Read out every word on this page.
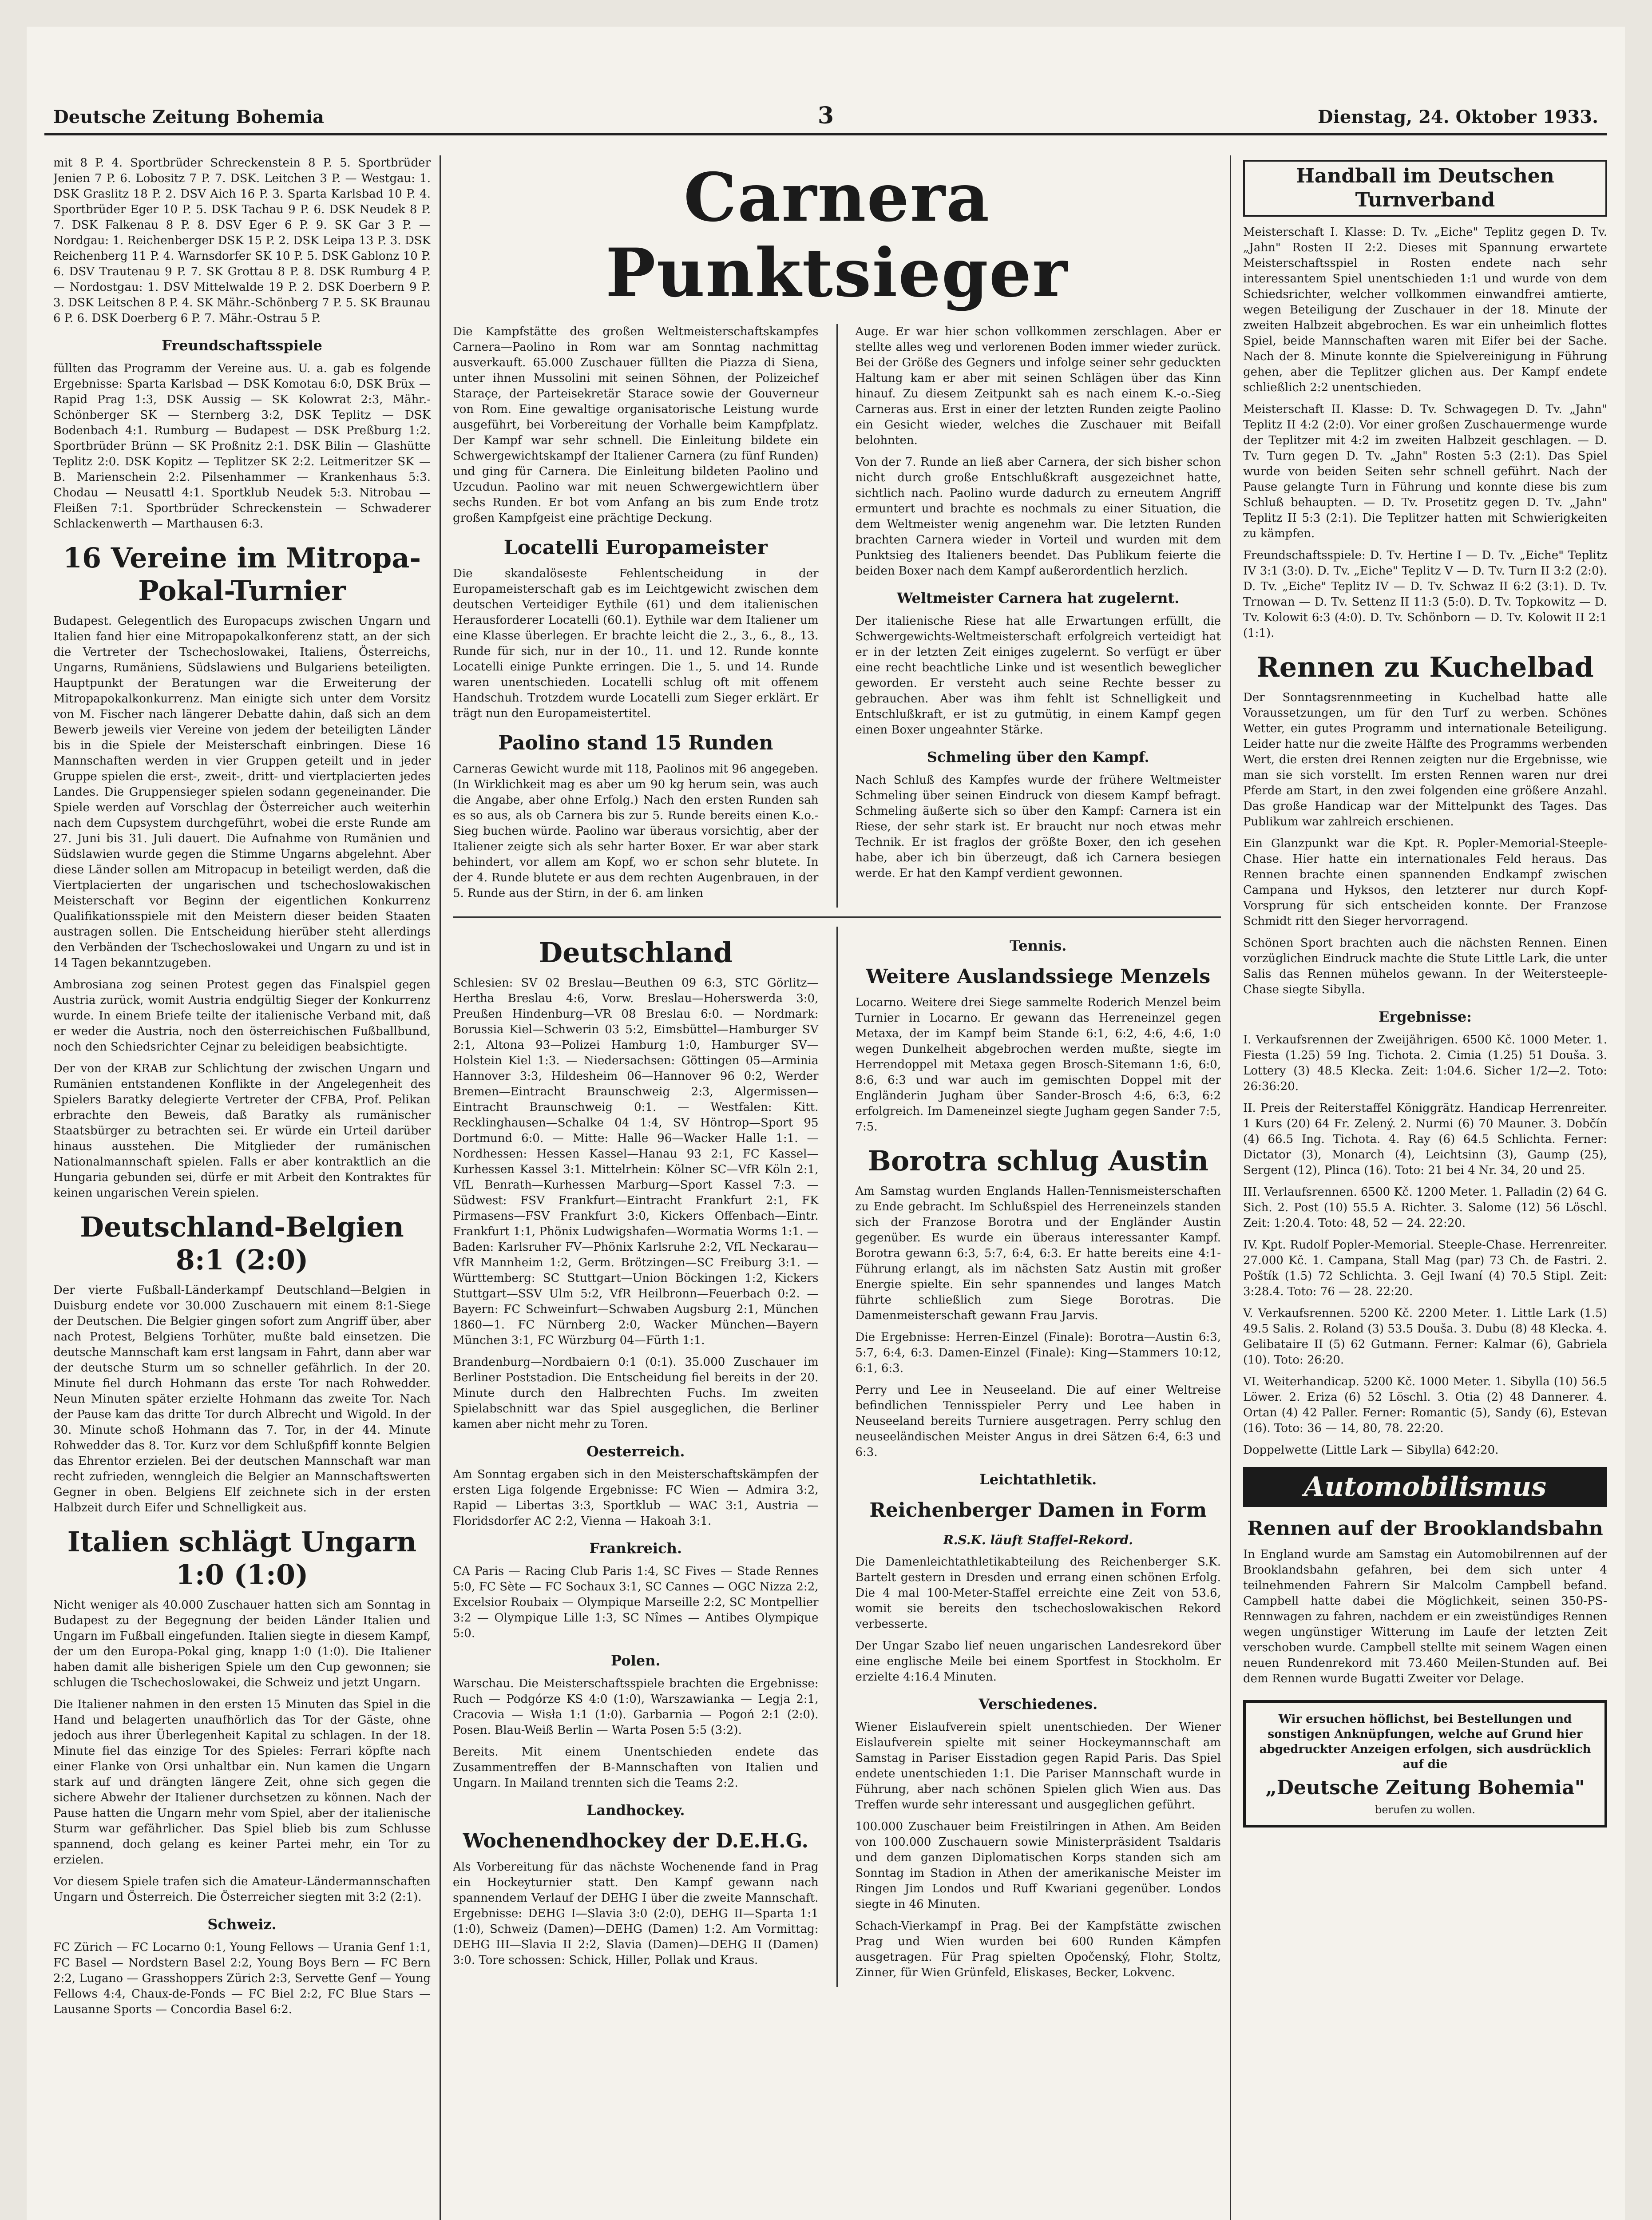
Deutsche Zeitung Bohemia	3	Dienstag, 24. Oktober 1933.

mit 8 P. 4. Sportbrüder Schreckenstein 8 P. 5. Sportbrüder Jenien 7 P. 6. Lobositz 7 P. 7. DSK. Leitchen 3 P. — Westgau: 1. DSK Graslitz 18 P. 2. DSV Aich 16 P. 3. Sparta Karlsbad 10 P. 4. Sportbrüder Eger 10 P. 5. DSK Tachau 9 P. 6. DSK Neudek 8 P. 7. DSK Falkenau 8 P. 8. DSV Eger 6 P. 9. SK Gar 3 P. — Nordgau: 1. Reichenberger DSK 15 P. 2. DSK Leipa 13 P. 3. DSK Reichenberg 11 P. 4. Warnsdorfer SK 10 P. 5. DSK Gablonz 10 P. 6. DSV Trautenau 9 P. 7. SK Grottau 8 P. 8. DSK Rumburg 4 P. — Nordostgau: 1. DSV Mittelwalde 19 P. 2. DSK Doerbern 9 P. 3. DSK Leitschen 8 P. 4. SK Mähr.-Schönberg 7 P. 5. SK Braunau 6 P. 6. DSK Doerberg 6 P. 7. Mähr.-Ostrau 5 P.

Freundschaftsspiele

füllten das Programm der Vereine aus. U. a. gab es folgende Ergebnisse: Sparta Karlsbad — DSK Komotau 6:0, DSK Brüx — Rapid Prag 1:3, DSK Aussig — SK Kolowrat 2:3, Mähr.-Schönberger SK — Sternberg 3:2, DSK Teplitz — DSK Bodenbach 4:1. Rumburg — Budapest — DSK Preßburg 1:2. Sportbrüder Brünn — SK Proßnitz 2:1. DSK Bilin — Glashütte Teplitz 2:0. DSK Kopitz — Teplitzer SK 2:2. Leitmeritzer SK — B. Marienschein 2:2. Pilsenhammer — Krankenhaus 5:3. Chodau — Neusattl 4:1. Sportklub Neudek 5:3. Nitrobau — Fleißen 7:1. Sportbrüder Schreckenstein — Schwaderer Schlackenwerth — Marthausen 6:3.

16 Vereine im Mitropa-Pokal-Turnier

Budapest. Gelegentlich des Europacups zwischen Ungarn und Italien fand hier eine Mitropapokalkonferenz statt, an der sich die Vertreter der Tschechoslowakei, Italiens, Österreichs, Ungarns, Rumäniens, Südslawiens und Bulgariens beteiligten. Hauptpunkt der Beratungen war die Erweiterung der Mitropapokalkonkurrenz. Man einigte sich unter dem Vorsitz von M. Fischer nach längerer Debatte dahin, daß sich an dem Bewerb jeweils vier Vereine von jedem der beteiligten Länder bis in die Spiele der Meisterschaft einbringen. Diese 16 Mannschaften werden in vier Gruppen geteilt und in jeder Gruppe spielen die erst-, zweit-, dritt- und viertplacierten jedes Landes. Die Gruppensieger spielen sodann gegeneinander. Die Spiele werden auf Vorschlag der Österreicher auch weiterhin nach dem Cupsystem durchgeführt, wobei die erste Runde am 27. Juni bis 31. Juli dauert. Die Aufnahme von Rumänien und Südslawien wurde gegen die Stimme Ungarns abgelehnt. Aber diese Länder sollen am Mitropacup in beteiligt werden, daß die Viertplacierten der ungarischen und tschechoslowakischen Meisterschaft vor Beginn der eigentlichen Konkurrenz Qualifikationsspiele mit den Meistern dieser beiden Staaten austragen sollen. Die Entscheidung hierüber steht allerdings den Verbänden der Tschechoslowakei und Ungarn zu und ist in 14 Tagen bekanntzugeben.

Ambrosiana zog seinen Protest gegen das Finalspiel gegen Austria zurück, womit Austria endgültig Sieger der Konkurrenz wurde. In einem Briefe teilte der italienische Verband mit, daß er weder die Austria, noch den österreichischen Fußballbund, noch den Schiedsrichter Cejnar zu beleidigen beabsichtigte.

Der von der KRAB zur Schlichtung der zwischen Ungarn und Rumänien entstandenen Konflikte in der Angelegenheit des Spielers Baratky delegierte Vertreter der CFBA, Prof. Pelikan erbrachte den Beweis, daß Baratky als rumänischer Staatsbürger zu betrachten sei. Er würde ein Urteil darüber hinaus ausstehen. Die Mitglieder der rumänischen Nationalmannschaft spielen. Falls er aber kontraktlich an die Hungaria gebunden sei, dürfe er mit Arbeit den Kontraktes für keinen ungarischen Verein spielen.

Deutschland-Belgien 8:1 (2:0)

Der vierte Fußball-Länderkampf Deutschland—Belgien in Duisburg endete vor 30.000 Zuschauern mit einem 8:1-Siege der Deutschen. Die Belgier gingen sofort zum Angriff über, aber nach Protest, Belgiens Torhüter, mußte bald einsetzen. Die deutsche Mannschaft kam erst langsam in Fahrt, dann aber war der deutsche Sturm um so schneller gefährlich. In der 20. Minute fiel durch Hohmann das erste Tor nach Rohwedder. Neun Minuten später erzielte Hohmann das zweite Tor. Nach der Pause kam das dritte Tor durch Albrecht und Wigold. In der 30. Minute schoß Hohmann das 7. Tor, in der 44. Minute Rohwedder das 8. Tor. Kurz vor dem Schlußpfiff konnte Belgien das Ehrentor erzielen. Bei der deutschen Mannschaft war man recht zufrieden, wenngleich die Belgier an Mannschaftswerten Gegner in oben. Belgiens Elf zeichnete sich in der ersten Halbzeit durch Eifer und Schnelligkeit aus.

Italien schlägt Ungarn 1:0 (1:0)

Nicht weniger als 40.000 Zuschauer hatten sich am Sonntag in Budapest zu der Begegnung der beiden Länder Italien und Ungarn im Fußball eingefunden. Italien siegte in diesem Kampf, der um den Europa-Pokal ging, knapp 1:0 (1:0). Die Italiener haben damit alle bisherigen Spiele um den Cup gewonnen; sie schlugen die Tschechoslowakei, die Schweiz und jetzt Ungarn.

Die Italiener nahmen in den ersten 15 Minuten das Spiel in die Hand und belagerten unaufhörlich das Tor der Gäste, ohne jedoch aus ihrer Überlegenheit Kapital zu schlagen. In der 18. Minute fiel das einzige Tor des Spieles: Ferrari köpfte nach einer Flanke von Orsi unhaltbar ein. Nun kamen die Ungarn stark auf und drängten längere Zeit, ohne sich gegen die sichere Abwehr der Italiener durchsetzen zu können. Nach der Pause hatten die Ungarn mehr vom Spiel, aber der italienische Sturm war gefährlicher. Das Spiel blieb bis zum Schlusse spannend, doch gelang es keiner Partei mehr, ein Tor zu erzielen.

Vor diesem Spiele trafen sich die Amateur-Ländermannschaften Ungarn und Österreich. Die Österreicher siegten mit 3:2 (2:1).

Schweiz.

FC Zürich — FC Locarno 0:1, Young Fellows — Urania Genf 1:1, FC Basel — Nordstern Basel 2:2, Young Boys Bern — FC Bern 2:2, Lugano — Grasshoppers Zürich 2:3, Servette Genf — Young Fellows 4:4, Chaux-de-Fonds — FC Biel 2:2, FC Blue Stars — Lausanne Sports — Concordia Basel 6:2.

Carnera Punktsieger

Die Kampfstätte des großen Weltmeisterschaftskampfes Carnera—Paolino in Rom war am Sonntag nachmittag ausverkauft. 65.000 Zuschauer füllten die Piazza di Siena, unter ihnen Mussolini mit seinen Söhnen, der Polizeichef Staraçe, der Parteisekretär Starace sowie der Gouverneur von Rom. Eine gewaltige organisatorische Leistung wurde ausgeführt, bei Vorbereitung der Vorhalle beim Kampfplatz. Der Kampf war sehr schnell. Die Einleitung bildete ein Schwergewichtskampf der Italiener Carnera (zu fünf Runden) und ging für Carnera. Die Einleitung bildeten Paolino und Uzcudun. Paolino war mit neuen Schwergewichtlern über sechs Runden. Er bot vom Anfang an bis zum Ende trotz großen Kampfgeist eine prächtige Deckung.

Locatelli Europameister

Die skandalöseste Fehlentscheidung in der Europameisterschaft gab es im Leichtgewicht zwischen dem deutschen Verteidiger Eythile (61) und dem italienischen Herausforderer Locatelli (60.1). Eythile war dem Italiener um eine Klasse überlegen. Er brachte leicht die 2., 3., 6., 8., 13. Runde für sich, nur in der 10., 11. und 12. Runde konnte Locatelli einige Punkte erringen. Die 1., 5. und 14. Runde waren unentschieden. Locatelli schlug oft mit offenem Handschuh. Trotzdem wurde Locatelli zum Sieger erklärt. Er trägt nun den Europameistertitel.

Paolino stand 15 Runden

Carneras Gewicht wurde mit 118, Paolinos mit 96 angegeben. (In Wirklichkeit mag es aber um 90 kg herum sein, was auch die Angabe, aber ohne Erfolg.) Nach den ersten Runden sah es so aus, als ob Carnera bis zur 5. Runde bereits einen K.o.-Sieg buchen würde. Paolino war überaus vorsichtig, aber der Italiener zeigte sich als sehr harter Boxer. Er war aber stark behindert, vor allem am Kopf, wo er schon sehr blutete. In der 4. Runde blutete er aus dem rechten Augenbrauen, in der 5. Runde aus der Stirn, in der 6. am linken

Auge. Er war hier schon vollkommen zerschlagen. Aber er stellte alles weg und verlorenen Boden immer wieder zurück. Bei der Größe des Gegners und infolge seiner sehr geduckten Haltung kam er aber mit seinen Schlägen über das Kinn hinauf. Zu diesem Zeitpunkt sah es nach einem K.-o.-Sieg Carneras aus. Erst in einer der letzten Runden zeigte Paolino ein Gesicht wieder, welches die Zuschauer mit Beifall belohnten.

Von der 7. Runde an ließ aber Carnera, der sich bisher schon nicht durch große Entschlußkraft ausgezeichnet hatte, sichtlich nach. Paolino wurde dadurch zu erneutem Angriff ermuntert und brachte es nochmals zu einer Situation, die dem Weltmeister wenig angenehm war. Die letzten Runden brachten Carnera wieder in Vorteil und wurden mit dem Punktsieg des Italieners beendet. Das Publikum feierte die beiden Boxer nach dem Kampf außerordentlich herzlich.

Weltmeister Carnera hat zugelernt.

Der italienische Riese hat alle Erwartungen erfüllt, die Schwergewichts-Weltmeisterschaft erfolgreich verteidigt hat er in der letzten Zeit einiges zugelernt. So verfügt er über eine recht beachtliche Linke und ist wesentlich beweglicher geworden. Er versteht auch seine Rechte besser zu gebrauchen. Aber was ihm fehlt ist Schnelligkeit und Entschlußkraft, er ist zu gutmütig, in einem Kampf gegen einen Boxer ungeahnter Stärke.

Schmeling über den Kampf.

Nach Schluß des Kampfes wurde der frühere Weltmeister Schmeling über seinen Eindruck von diesem Kampf befragt. Schmeling äußerte sich so über den Kampf: Carnera ist ein Riese, der sehr stark ist. Er braucht nur noch etwas mehr Technik. Er ist fraglos der größte Boxer, den ich gesehen habe, aber ich bin überzeugt, daß ich Carnera besiegen werde. Er hat den Kampf verdient gewonnen.

Deutschland

Schlesien: SV 02 Breslau—Beuthen 09 6:3, STC Görlitz—Hertha Breslau 4:6, Vorw. Breslau—Hoherswerda 3:0, Preußen Hindenburg—VR 08 Breslau 6:0. — Nordmark: Borussia Kiel—Schwerin 03 5:2, Eimsbüttel—Hamburger SV 2:1, Altona 93—Polizei Hamburg 1:0, Hamburger SV—Holstein Kiel 1:3. — Niedersachsen: Göttingen 05—Arminia Hannover 3:3, Hildesheim 06—Hannover 96 0:2, Werder Bremen—Eintracht Braunschweig 2:3, Algermissen—Eintracht Braunschweig 0:1. — Westfalen: Kitt. Recklinghausen—Schalke 04 1:4, SV Höntrop—Sport 95 Dortmund 6:0. — Mitte: Halle 96—Wacker Halle 1:1. — Nordhessen: Hessen Kassel—Hanau 93 2:1, FC Kassel—Kurhessen Kassel 3:1. Mittelrhein: Kölner SC—VfR Köln 2:1, VfL Benrath—Kurhessen Marburg—Sport Kassel 7:3. — Südwest: FSV Frankfurt—Eintracht Frankfurt 2:1, FK Pirmasens—FSV Frankfurt 3:0, Kickers Offenbach—Eintr. Frankfurt 1:1, Phönix Ludwigshafen—Wormatia Worms 1:1. — Baden: Karlsruher FV—Phönix Karlsruhe 2:2, VfL Neckarau—VfR Mannheim 1:2, Germ. Brötzingen—SC Freiburg 3:1. — Württemberg: SC Stuttgart—Union Böckingen 1:2, Kickers Stuttgart—SSV Ulm 5:2, VfR Heilbronn—Feuerbach 0:2. — Bayern: FC Schweinfurt—Schwaben Augsburg 2:1, München 1860—1. FC Nürnberg 2:0, Wacker München—Bayern München 3:1, FC Würzburg 04—Fürth 1:1.

Brandenburg—Nordbaiern 0:1 (0:1). 35.000 Zuschauer im Berliner Poststadion. Die Entscheidung fiel bereits in der 20. Minute durch den Halbrechten Fuchs. Im zweiten Spielabschnitt war das Spiel ausgeglichen, die Berliner kamen aber nicht mehr zu Toren.

Oesterreich.

Am Sonntag ergaben sich in den Meisterschaftskämpfen der ersten Liga folgende Ergebnisse: FC Wien — Admira 3:2, Rapid — Libertas 3:3, Sportklub — WAC 3:1, Austria — Floridsdorfer AC 2:2, Vienna — Hakoah 3:1.

Frankreich.

CA Paris — Racing Club Paris 1:4, SC Fives — Stade Rennes 5:0, FC Sète — FC Sochaux 3:1, SC Cannes — OGC Nizza 2:2, Excelsior Roubaix — Olympique Marseille 2:2, SC Montpellier 3:2 — Olympique Lille 1:3, SC Nîmes — Antibes Olympique 5:0.

Polen.

Warschau. Die Meisterschaftsspiele brachten die Ergebnisse: Ruch — Podgórze KS 4:0 (1:0), Warszawianka — Legja 2:1, Cracovia — Wisła 1:1 (1:0). Garbarnia — Pogoń 2:1 (2:0). Posen. Blau-Weiß Berlin — Warta Posen 5:5 (3:2).

Bereits. Mit einem Unentschieden endete das Zusammentreffen der B-Mannschaften von Italien und Ungarn. In Mailand trennten sich die Teams 2:2.

Landhockey.
Wochenendhockey der D.E.H.G.

Als Vorbereitung für das nächste Wochenende fand in Prag ein Hockeyturnier statt. Den Kampf gewann nach spannendem Verlauf der DEHG I über die zweite Mannschaft. Ergebnisse: DEHG I—Slavia 3:0 (2:0), DEHG II—Sparta 1:1 (1:0), Schweiz (Damen)—DEHG (Damen) 1:2. Am Vormittag: DEHG III—Slavia II 2:2, Slavia (Damen)—DEHG II (Damen) 3:0. Tore schossen: Schick, Hiller, Pollak und Kraus.

Tennis.
Weitere Auslandssiege Menzels

Locarno. Weitere drei Siege sammelte Roderich Menzel beim Turnier in Locarno. Er gewann das Herreneinzel gegen Metaxa, der im Kampf beim Stande 6:1, 6:2, 4:6, 4:6, 1:0 wegen Dunkelheit abgebrochen werden mußte, siegte im Herrendoppel mit Metaxa gegen Brosch-Sitemann 1:6, 6:0, 8:6, 6:3 und war auch im gemischten Doppel mit der Engländerin Jugham über Sander-Brosch 4:6, 6:3, 6:2 erfolgreich. Im Dameneinzel siegte Jugham gegen Sander 7:5, 7:5.

Borotra schlug Austin

Am Samstag wurden Englands Hallen-Tennismeisterschaften zu Ende gebracht. Im Schlußspiel des Herreneinzels standen sich der Franzose Borotra und der Engländer Austin gegenüber. Es wurde ein überaus interessanter Kampf. Borotra gewann 6:3, 5:7, 6:4, 6:3. Er hatte bereits eine 4:1-Führung erlangt, als im nächsten Satz Austin mit großer Energie spielte. Ein sehr spannendes und langes Match führte schließlich zum Siege Borotras. Die Damenmeisterschaft gewann Frau Jarvis.

Die Ergebnisse: Herren-Einzel (Finale): Borotra—Austin 6:3, 5:7, 6:4, 6:3. Damen-Einzel (Finale): King—Stammers 10:12, 6:1, 6:3.

Perry und Lee in Neuseeland. Die auf einer Weltreise befindlichen Tennisspieler Perry und Lee haben in Neuseeland bereits Turniere ausgetragen. Perry schlug den neuseeländischen Meister Angus in drei Sätzen 6:4, 6:3 und 6:3.

Leichtathletik.
Reichenberger Damen in Form
R.S.K. läuft Staffel-Rekord.

Die Damenleichtathletikabteilung des Reichenberger S.K. Bartelt gestern in Dresden und errang einen schönen Erfolg. Die 4 mal 100-Meter-Staffel erreichte eine Zeit von 53.6, womit sie bereits den tschechoslowakischen Rekord verbesserte.

Der Ungar Szabo lief neuen ungarischen Landesrekord über eine englische Meile bei einem Sportfest in Stockholm. Er erzielte 4:16.4 Minuten.

Verschiedenes.

Wiener Eislaufverein spielt unentschieden. Der Wiener Eislaufverein spielte mit seiner Hockeymannschaft am Samstag in Pariser Eisstadion gegen Rapid Paris. Das Spiel endete unentschieden 1:1. Die Pariser Mannschaft wurde in Führung, aber nach schönen Spielen glich Wien aus. Das Treffen wurde sehr interessant und ausgeglichen geführt.

100.000 Zuschauer beim Freistilringen in Athen. Am Beiden von 100.000 Zuschauern sowie Ministerpräsident Tsaldaris und dem ganzen Diplomatischen Korps standen sich am Sonntag im Stadion in Athen der amerikanische Meister im Ringen Jim Londos und Ruff Kwariani gegenüber. Londos siegte in 46 Minuten.

Schach-Vierkampf in Prag. Bei der Kampfstätte zwischen Prag und Wien wurden bei 600 Runden Kämpfen ausgetragen. Für Prag spielten Opočenský, Flohr, Stoltz, Zinner, für Wien Grünfeld, Eliskases, Becker, Lokvenc.

Handball im Deutschen Turnverband

Meisterschaft I. Klasse: D. Tv. „Eiche" Teplitz gegen D. Tv. „Jahn" Rosten II 2:2. Dieses mit Spannung erwartete Meisterschaftsspiel in Rosten endete nach sehr interessantem Spiel unentschieden 1:1 und wurde von dem Schiedsrichter, welcher vollkommen einwandfrei amtierte, wegen Beteiligung der Zuschauer in der 18. Minute der zweiten Halbzeit abgebrochen. Es war ein unheimlich flottes Spiel, beide Mannschaften waren mit Eifer bei der Sache. Nach der 8. Minute konnte die Spielvereinigung in Führung gehen, aber die Teplitzer glichen aus. Der Kampf endete schließlich 2:2 unentschieden.

Meisterschaft II. Klasse: D. Tv. Schwagegen D. Tv. „Jahn" Teplitz II 4:2 (2:0). Vor einer großen Zuschauermenge wurde der Teplitzer mit 4:2 im zweiten Halbzeit geschlagen. — D. Tv. Turn gegen D. Tv. „Jahn" Rosten 5:3 (2:1). Das Spiel wurde von beiden Seiten sehr schnell geführt. Nach der Pause gelangte Turn in Führung und konnte diese bis zum Schluß behaupten. — D. Tv. Prosetitz gegen D. Tv. „Jahn" Teplitz II 5:3 (2:1). Die Teplitzer hatten mit Schwierigkeiten zu kämpfen.

Freundschaftsspiele: D. Tv. Hertine I — D. Tv. „Eiche" Teplitz IV 3:1 (3:0). D. Tv. „Eiche" Teplitz V — D. Tv. Turn II 3:2 (2:0). D. Tv. „Eiche" Teplitz IV — D. Tv. Schwaz II 6:2 (3:1). D. Tv. Trnowan — D. Tv. Settenz II 11:3 (5:0). D. Tv. Topkowitz — D. Tv. Kolowit 6:3 (4:0). D. Tv. Schönborn — D. Tv. Kolowit II 2:1 (1:1).

Rennen zu Kuchelbad

Der Sonntagsrennmeeting in Kuchelbad hatte alle Voraussetzungen, um für den Turf zu werben. Schönes Wetter, ein gutes Programm und internationale Beteiligung. Leider hatte nur die zweite Hälfte des Programms werbenden Wert, die ersten drei Rennen zeigten nur die Ergebnisse, wie man sie sich vorstellt. Im ersten Rennen waren nur drei Pferde am Start, in den zwei folgenden eine größere Anzahl. Das große Handicap war der Mittelpunkt des Tages. Das Publikum war zahlreich erschienen.

Ein Glanzpunkt war die Kpt. R. Popler-Memorial-Steeple-Chase. Hier hatte ein internationales Feld heraus. Das Rennen brachte einen spannenden Endkampf zwischen Campana und Hyksos, den letzterer nur durch Kopf-Vorsprung für sich entscheiden konnte. Der Franzose Schmidt ritt den Sieger hervorragend.

Schönen Sport brachten auch die nächsten Rennen. Einen vorzüglichen Eindruck machte die Stute Little Lark, die unter Salis das Rennen mühelos gewann. In der Weitersteeple-Chase siegte Sibylla.

Ergebnisse:

I. Verkaufsrennen der Zweijährigen. 6500 Kč. 1000 Meter. 1. Fiesta (1.25) 59 Ing. Tichota. 2. Cimia (1.25) 51 Douša. 3. Lottery (3) 48.5 Klecka. Zeit: 1:04.6. Sicher 1/2—2. Toto: 26:36:20.

II. Preis der Reiterstaffel Königgrätz. Handicap Herrenreiter. 1 Kurs (20) 64 Fr. Zelený. 2. Nurmi (6) 70 Mauner. 3. Dobčín (4) 66.5 Ing. Tichota. 4. Ray (6) 64.5 Schlichta. Ferner: Dictator (3), Monarch (4), Leichtsinn (3), Gaump (25), Sergent (12), Plinca (16). Toto: 21 bei 4 Nr. 34, 20 und 25.

III. Verlaufsrennen. 6500 Kč. 1200 Meter. 1. Palladin (2) 64 G. Sich. 2. Post (10) 55.5 A. Richter. 3. Salome (12) 56 Löschl. Zeit: 1:20.4. Toto: 48, 52 — 24. 22:20.

IV. Kpt. Rudolf Popler-Memorial. Steeple-Chase. Herrenreiter. 27.000 Kč. 1. Campana, Stall Mag (par) 73 Ch. de Fastri. 2. Poštík (1.5) 72 Schlichta. 3. Gejl Iwaní (4) 70.5 Stipl. Zeit: 3:28.4. Toto: 76 — 28. 22:20.

V. Verkaufsrennen. 5200 Kč. 2200 Meter. 1. Little Lark (1.5) 49.5 Salis. 2. Roland (3) 53.5 Douša. 3. Dubu (8) 48 Klecka. 4. Gelibataire II (5) 62 Gutmann. Ferner: Kalmar (6), Gabriela (10). Toto: 26:20.

VI. Weiterhandicap. 5200 Kč. 1000 Meter. 1. Sibylla (10) 56.5 Löwer. 2. Eriza (6) 52 Löschl. 3. Otia (2) 48 Dannerer. 4. Ortan (4) 42 Paller. Ferner: Romantic (5), Sandy (6), Estevan (16). Toto: 36 — 14, 80, 78. 22:20.

Doppelwette (Little Lark — Sibylla) 642:20.

Automobilismus
Rennen auf der Brooklandsbahn

In England wurde am Samstag ein Automobilrennen auf der Brooklandsbahn gefahren, bei dem sich unter 4 teilnehmenden Fahrern Sir Malcolm Campbell befand. Campbell hatte dabei die Möglichkeit, seinen 350-PS-Rennwagen zu fahren, nachdem er ein zweistündiges Rennen wegen ungünstiger Witterung im Laufe der letzten Zeit verschoben wurde. Campbell stellte mit seinem Wagen einen neuen Rundenrekord mit 73.460 Meilen-Stunden auf. Bei dem Rennen wurde Bugatti Zweiter vor Delage.

Wir ersuchen höflichst, bei Bestellungen und sonstigen Anknüpfungen, welche auf Grund hier abgedruckter Anzeigen erfolgen, sich ausdrücklich auf die
„Deutsche Zeitung Bohemia"
berufen zu wollen.
